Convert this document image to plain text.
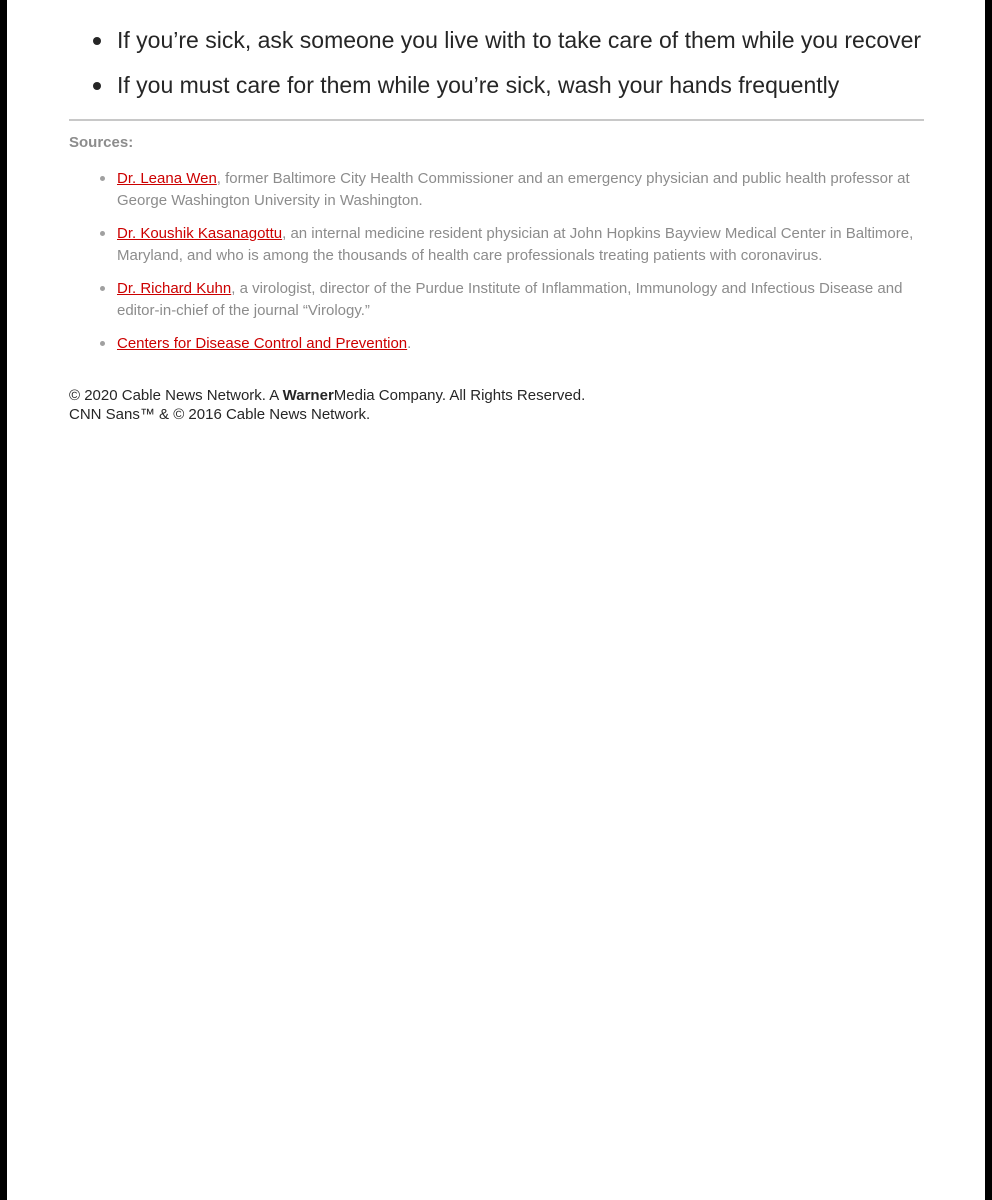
If you’re sick, ask someone you live with to take care of them while you recover
If you must care for them while you’re sick, wash your hands frequently
Sources:
Dr. Leana Wen, former Baltimore City Health Commissioner and an emergency physician and public health professor at George Washington University in Washington.
Dr. Koushik Kasanagottu, an internal medicine resident physician at John Hopkins Bayview Medical Center in Baltimore, Maryland, and who is among the thousands of health care professionals treating patients with coronavirus.
Dr. Richard Kuhn, a virologist, director of the Purdue Institute of Inflammation, Immunology and Infectious Disease and editor-in-chief of the journal “Virology.”
Centers for Disease Control and Prevention.
© 2020 Cable News Network. A WarnerMedia Company. All Rights Reserved.
CNN Sans™ & © 2016 Cable News Network.
